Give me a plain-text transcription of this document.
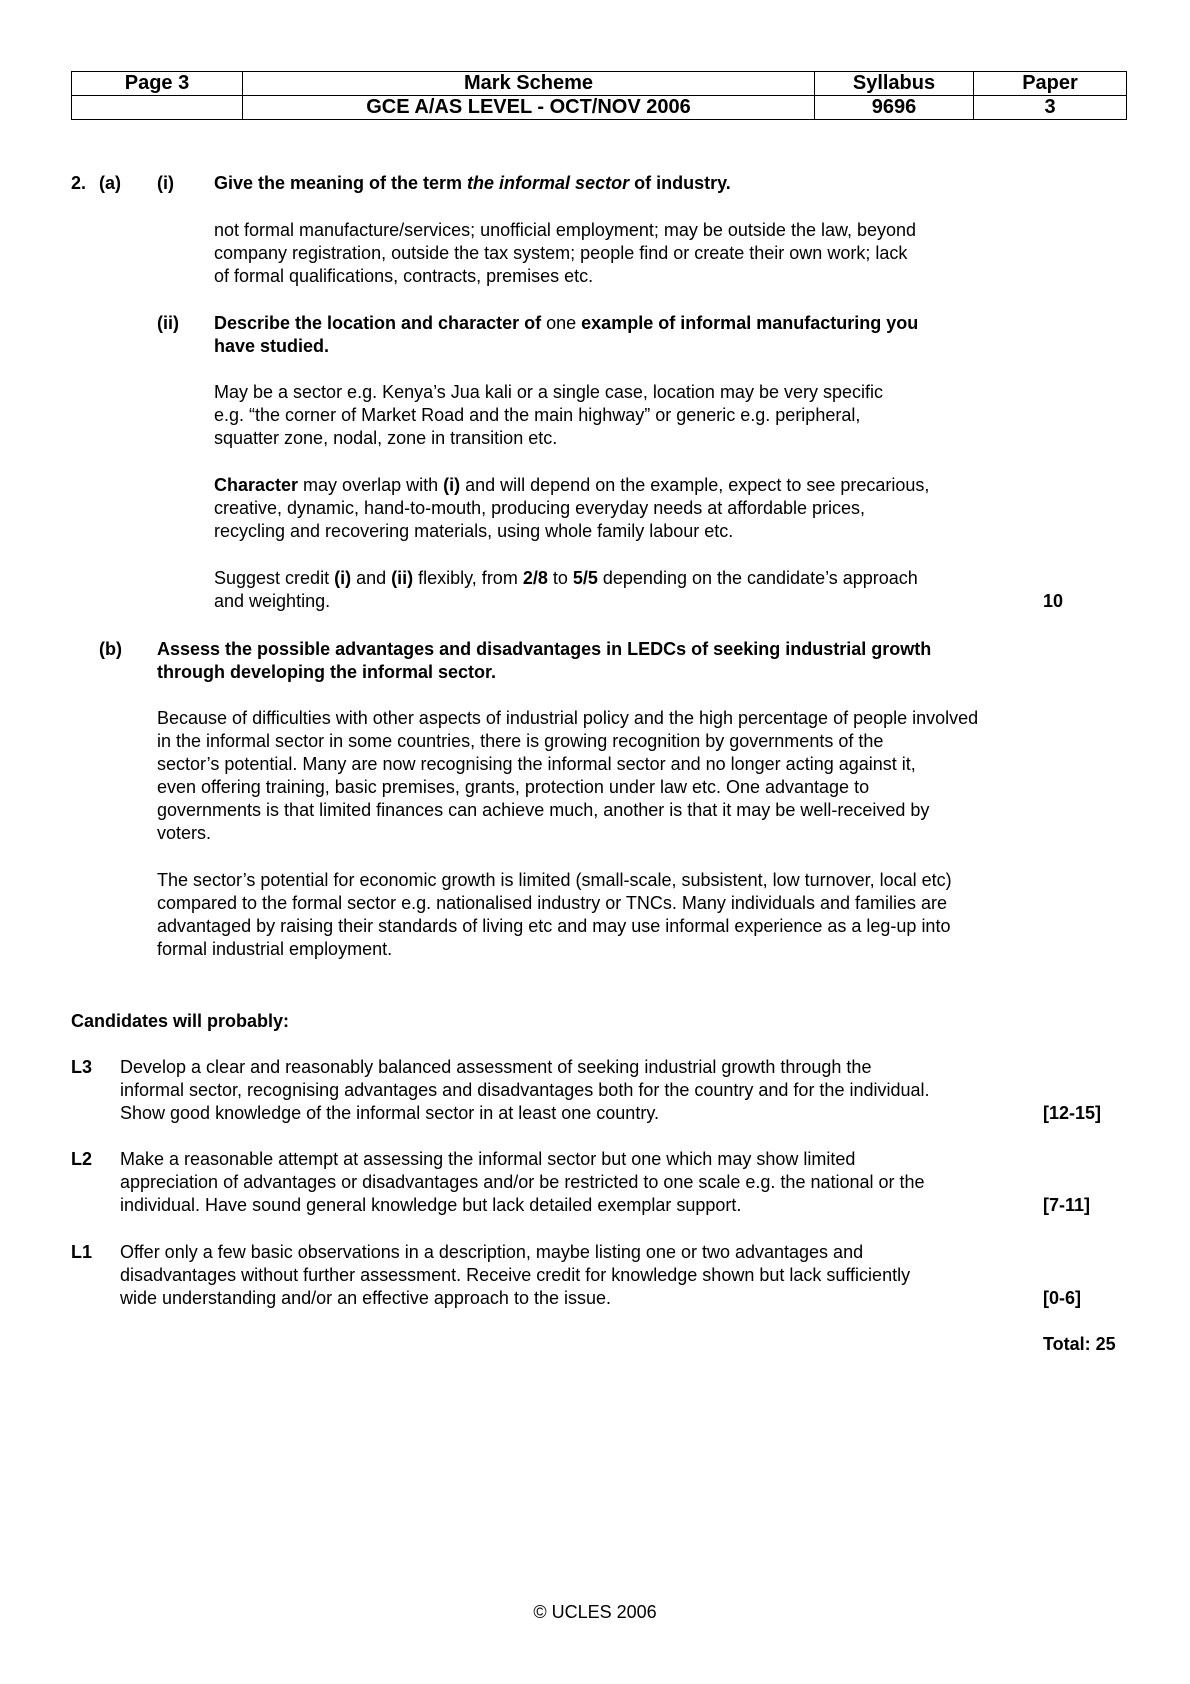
Page 3	Mark Scheme	Syllabus	Paper
	GCE A/AS LEVEL - OCT/NOV 2006	9696	3
2. (a) (i) Give the meaning of the term the informal sector of industry.
not formal manufacture/services; unofficial employment; may be outside the law, beyond
company registration, outside the tax system; people find or create their own work; lack
of formal qualifications, contracts, premises etc.
(ii) Describe the location and character of one example of informal manufacturing you
have studied.
May be a sector e.g. Kenya’s Jua kali or a single case, location may be very specific
e.g. “the corner of Market Road and the main highway” or generic e.g. peripheral,
squatter zone, nodal, zone in transition etc.
Character may overlap with (i) and will depend on the example, expect to see precarious,
creative, dynamic, hand-to-mouth, producing everyday needs at affordable prices,
recycling and recovering materials, using whole family labour etc.
Suggest credit (i) and (ii) flexibly, from 2/8 to 5/5 depending on the candidate’s approach
and weighting.	10
(b) Assess the possible advantages and disadvantages in LEDCs of seeking industrial growth
through developing the informal sector.
Because of difficulties with other aspects of industrial policy and the high percentage of people involved
in the informal sector in some countries, there is growing recognition by governments of the
sector’s potential. Many are now recognising the informal sector and no longer acting against it,
even offering training, basic premises, grants, protection under law etc. One advantage to
governments is that limited finances can achieve much, another is that it may be well-received by
voters.
The sector’s potential for economic growth is limited (small-scale, subsistent, low turnover, local etc)
compared to the formal sector e.g. nationalised industry or TNCs. Many individuals and families are
advantaged by raising their standards of living etc and may use informal experience as a leg-up into
formal industrial employment.
Candidates will probably:
L3 Develop a clear and reasonably balanced assessment of seeking industrial growth through the
informal sector, recognising advantages and disadvantages both for the country and for the individual.
Show good knowledge of the informal sector in at least one country.	[12-15]
L2 Make a reasonable attempt at assessing the informal sector but one which may show limited
appreciation of advantages or disadvantages and/or be restricted to one scale e.g. the national or the
individual. Have sound general knowledge but lack detailed exemplar support.	[7-11]
L1 Offer only a few basic observations in a description, maybe listing one or two advantages and
disadvantages without further assessment. Receive credit for knowledge shown but lack sufficiently
wide understanding and/or an effective approach to the issue.	[0-6]
Total: 25
© UCLES 2006
